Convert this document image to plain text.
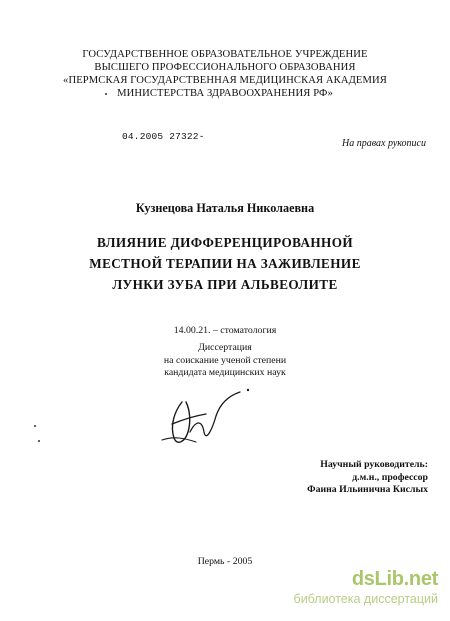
ГОСУДАРСТВЕННОЕ ОБРАЗОВАТЕЛЬНОЕ УЧРЕЖДЕНИЕ
ВЫСШЕГО ПРОФЕССИОНАЛЬНОГО ОБРАЗОВАНИЯ
«ПЕРМСКАЯ ГОСУДАРСТВЕННАЯ МЕДИЦИНСКАЯ АКАДЕМИЯ
МИНИСТЕРСТВА ЗДРАВООХРАНЕНИЯ РФ»
04.2005 27322-
На правах рукописи
Кузнецова Наталья Николаевна
ВЛИЯНИЕ ДИФФЕРЕНЦИРОВАННОЙ
МЕСТНОЙ ТЕРАПИИ НА ЗАЖИВЛЕНИЕ
ЛУНКИ ЗУБА ПРИ АЛЬВЕОЛИТЕ
14.00.21. – стоматология
Диссертация
на соискание ученой степени
кандидата медицинских наук
Научный руководитель:
д.м.н., профессор
Фаина Ильинична Кислых
Пермь - 2005
dsLib.net
библиотека диссертаций
